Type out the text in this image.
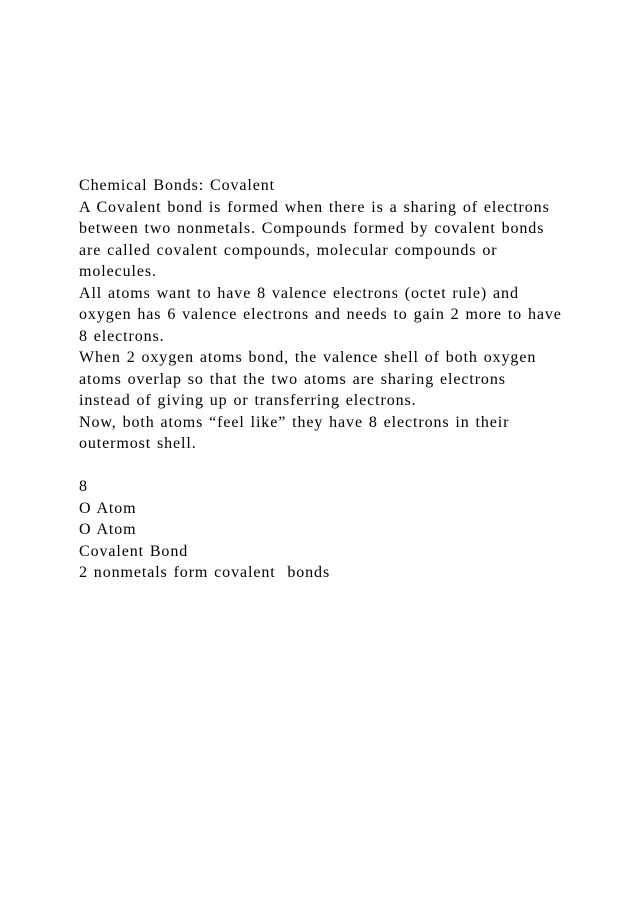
Chemical Bonds: Covalent
A Covalent bond is formed when there is a sharing of electrons
between two nonmetals. Compounds formed by covalent bonds
are called covalent compounds, molecular compounds or
molecules.
All atoms want to have 8 valence electrons (octet rule) and
oxygen has 6 valence electrons and needs to gain 2 more to have
8 electrons.
When 2 oxygen atoms bond, the valence shell of both oxygen
atoms overlap so that the two atoms are sharing electrons
instead of giving up or transferring electrons.
Now, both atoms “feel like” they have 8 electrons in their
outermost shell.
8
O Atom
O Atom
Covalent Bond
2 nonmetals form covalent  bonds
